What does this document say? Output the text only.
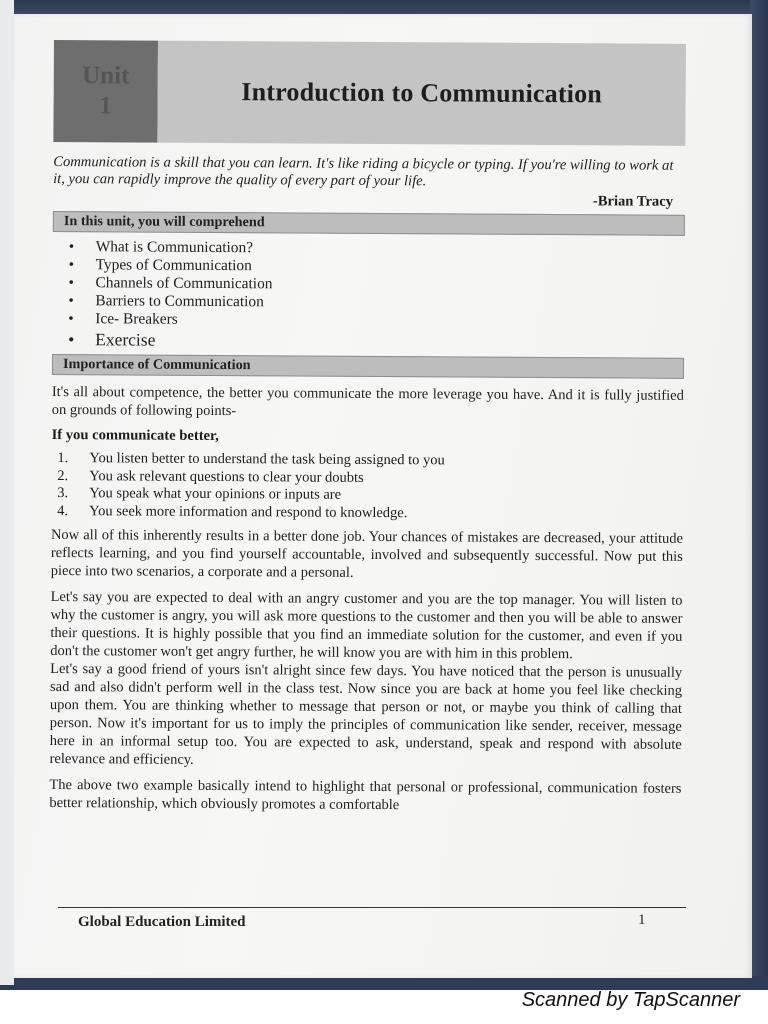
Unit
1	Introduction to Communication
Communication is a skill that you can learn. It's like riding a bicycle or typing. If you're willing to work at it, you can rapidly improve the quality of every part of your life.
-Brian Tracy
In this unit, you will comprehend
• What is Communication?
• Types of Communication
• Channels of Communication
• Barriers to Communication
• Ice- Breakers
• Exercise
Importance of Communication

It's all about competence, the better you communicate the more leverage you have. And it is fully justified on grounds of following points-

If you communicate better,
1. You listen better to understand the task being assigned to you
2. You ask relevant questions to clear your doubts
3. You speak what your opinions or inputs are
4. You seek more information and respond to knowledge.

Now all of this inherently results in a better done job. Your chances of mistakes are decreased, your attitude reflects learning, and you find yourself accountable, involved and subsequently successful. Now put this piece into two scenarios, a corporate and a personal.

Let's say you are expected to deal with an angry customer and you are the top manager. You will listen to why the customer is angry, you will ask more questions to the customer and then you will be able to answer their questions. It is highly possible that you find an immediate solution for the customer, and even if you don't the customer won't get angry further, he will know you are with him in this problem.

Let's say a good friend of yours isn't alright since few days. You have noticed that the person is unusually sad and also didn't perform well in the class test. Now since you are back at home you feel like checking upon them. You are thinking whether to message that person or not, or maybe you think of calling that person. Now it's important for us to imply the principles of communication like sender, receiver, message here in an informal setup too. You are expected to ask, understand, speak and respond with absolute relevance and efficiency.

The above two example basically intend to highlight that personal or professional, communication fosters better relationship, which obviously promotes a comfortable

Global Education Limited	1
Scanned by TapScanner
